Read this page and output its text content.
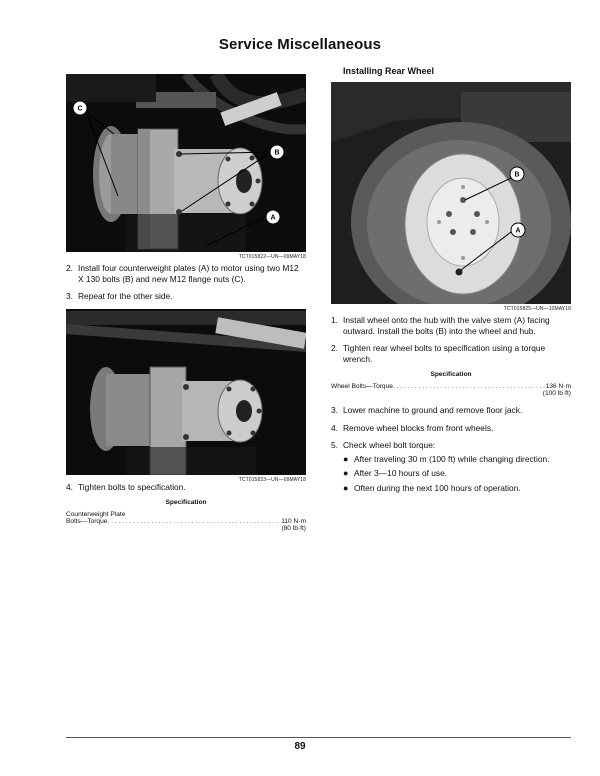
Service Miscellaneous
C
B
A
TCT015822—UN—09MAY18
2. Install four counterweight plates (A) to motor using two M12 X 130 bolts (B) and new M12 flange nuts (C).
3. Repeat for the other side.
TCT015823—UN—09MAY18
4. Tighten bolts to specification.
Specification
Counterweight Plate
Bolts—Torque . . .	110 N·m
(80 lb·ft)
Installing Rear Wheel
B
A
TCT015825—UN—10MAY18
1. Install wheel onto the hub with the valve stem (A) facing outward. Install the bolts (B) into the wheel and hub.
2. Tighten rear wheel bolts to specification using a torque wrench.
Specification
Wheel Bolts—Torque . . .	136 N·m
(100 lb·ft)
3. Lower machine to ground and remove floor jack.
4. Remove wheel blocks from front wheels.
5. Check wheel bolt torque:
● After traveling 30 m (100 ft) while changing direction.
● After 3—10 hours of use.
● Often during the next 100 hours of operation.
89
